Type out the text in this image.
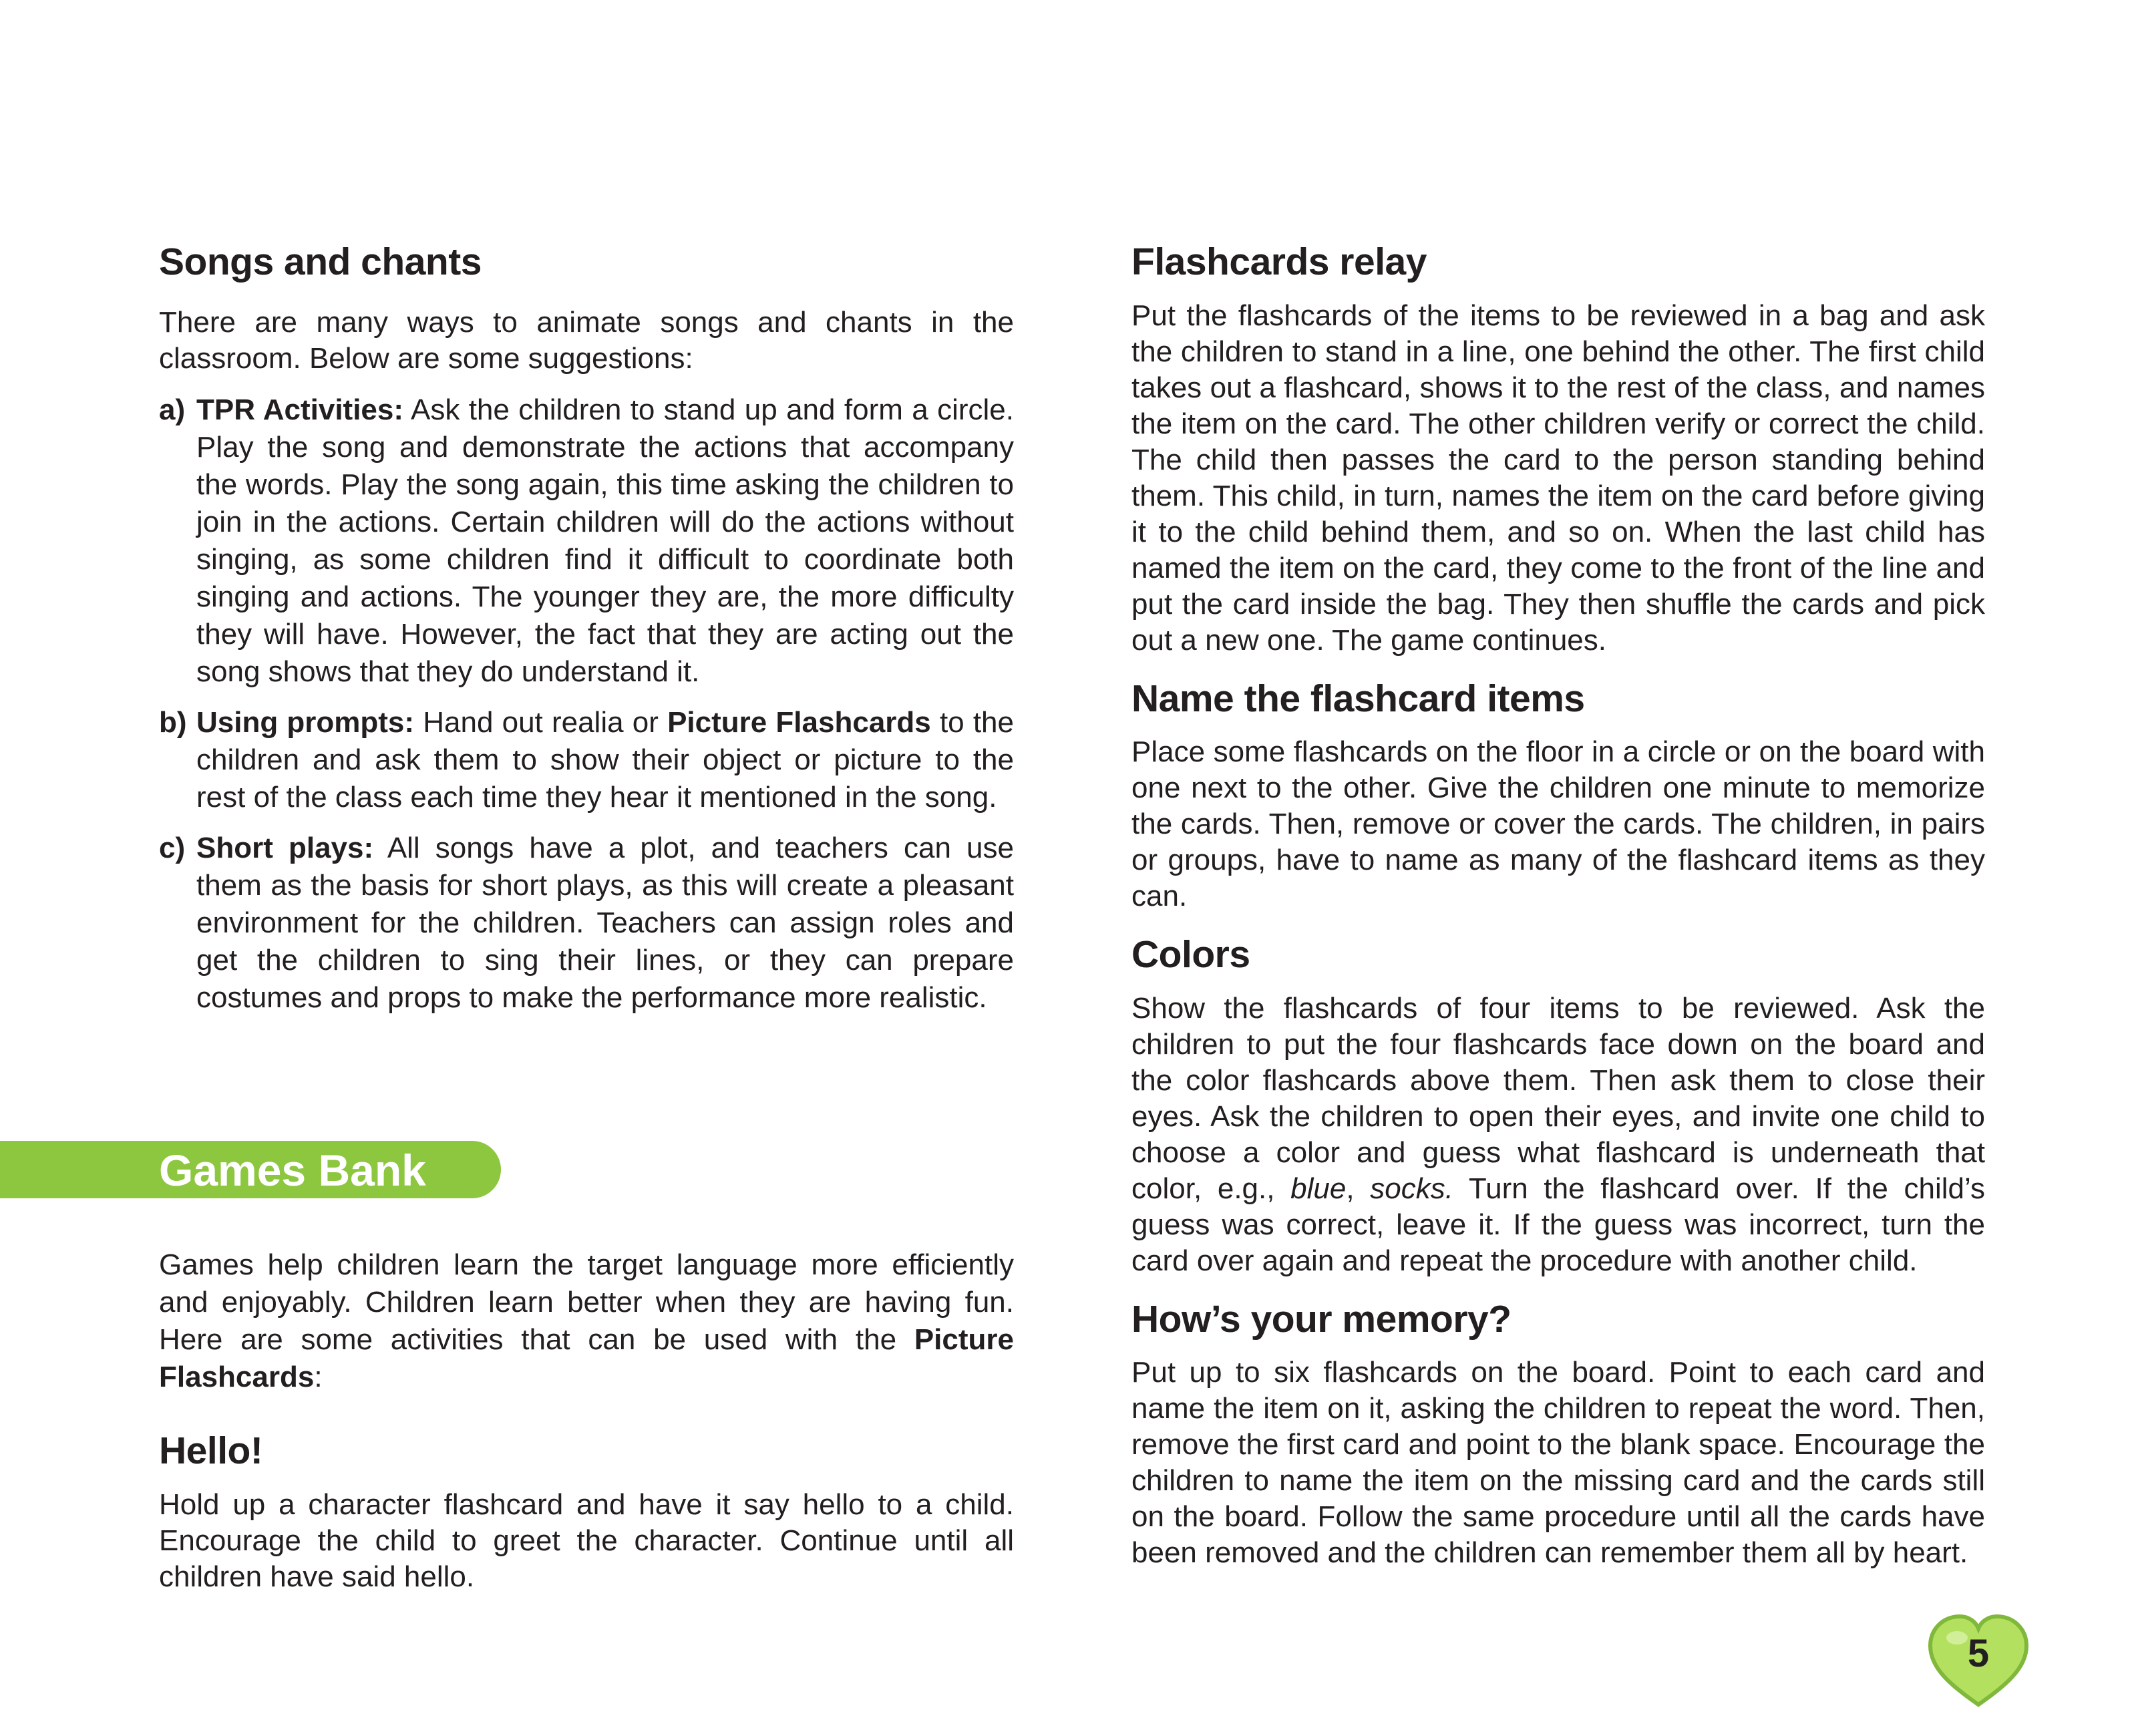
Songs and chants

There are many ways to animate songs and chants in the classroom. Below are some suggestions:

a) TPR Activities: Ask the children to stand up and form a circle. Play the song and demonstrate the actions that accompany the words. Play the song again, this time asking the children to join in the actions. Certain children will do the actions without singing, as some children find it difficult to coordinate both singing and actions. The younger they are, the more difficulty they will have. However, the fact that they are acting out the song shows that they do understand it.
b) Using prompts: Hand out realia or Picture Flashcards to the children and ask them to show their object or picture to the rest of the class each time they hear it mentioned in the song.
c) Short plays: All songs have a plot, and teachers can use them as the basis for short plays, as this will create a pleasant environment for the children. Teachers can assign roles and get the children to sing their lines, or they can prepare costumes and props to make the performance more realistic.
Games Bank

Games help children learn the target language more efficiently and enjoyably. Children learn better when they are having fun. Here are some activities that can be used with the Picture Flashcards:

Hello!

Hold up a character flashcard and have it say hello to a child. Encourage the child to greet the character. Continue until all children have said hello.

Flashcards relay

Put the flashcards of the items to be reviewed in a bag and ask the children to stand in a line, one behind the other. The first child takes out a flashcard, shows it to the rest of the class, and names the item on the card. The other children verify or correct the child. The child then passes the card to the person standing behind them. This child, in turn, names the item on the card before giving it to the child behind them, and so on. When the last child has named the item on the card, they come to the front of the line and put the card inside the bag. They then shuffle the cards and pick out a new one. The game continues.

Name the flashcard items

Place some flashcards on the floor in a circle or on the board with one next to the other. Give the children one minute to memorize the cards. Then, remove or cover the cards. The children, in pairs or groups, have to name as many of the flashcard items as they can.

Colors

Show the flashcards of four items to be reviewed. Ask the children to put the four flashcards face down on the board and the color flashcards above them. Then ask them to close their eyes. Ask the children to open their eyes, and invite one child to choose a color and guess what flashcard is underneath that color, e.g., blue, socks. Turn the flashcard over. If the child’s guess was correct, leave it. If the guess was incorrect, turn the card over again and repeat the procedure with another child.

How’s your memory?

Put up to six flashcards on the board. Point to each card and name the item on it, asking the children to repeat the word. Then, remove the first card and point to the blank space. Encourage the children to name the item on the missing card and the cards still on the board. Follow the same procedure until all the cards have been removed and the children can remember them all by heart.

5
